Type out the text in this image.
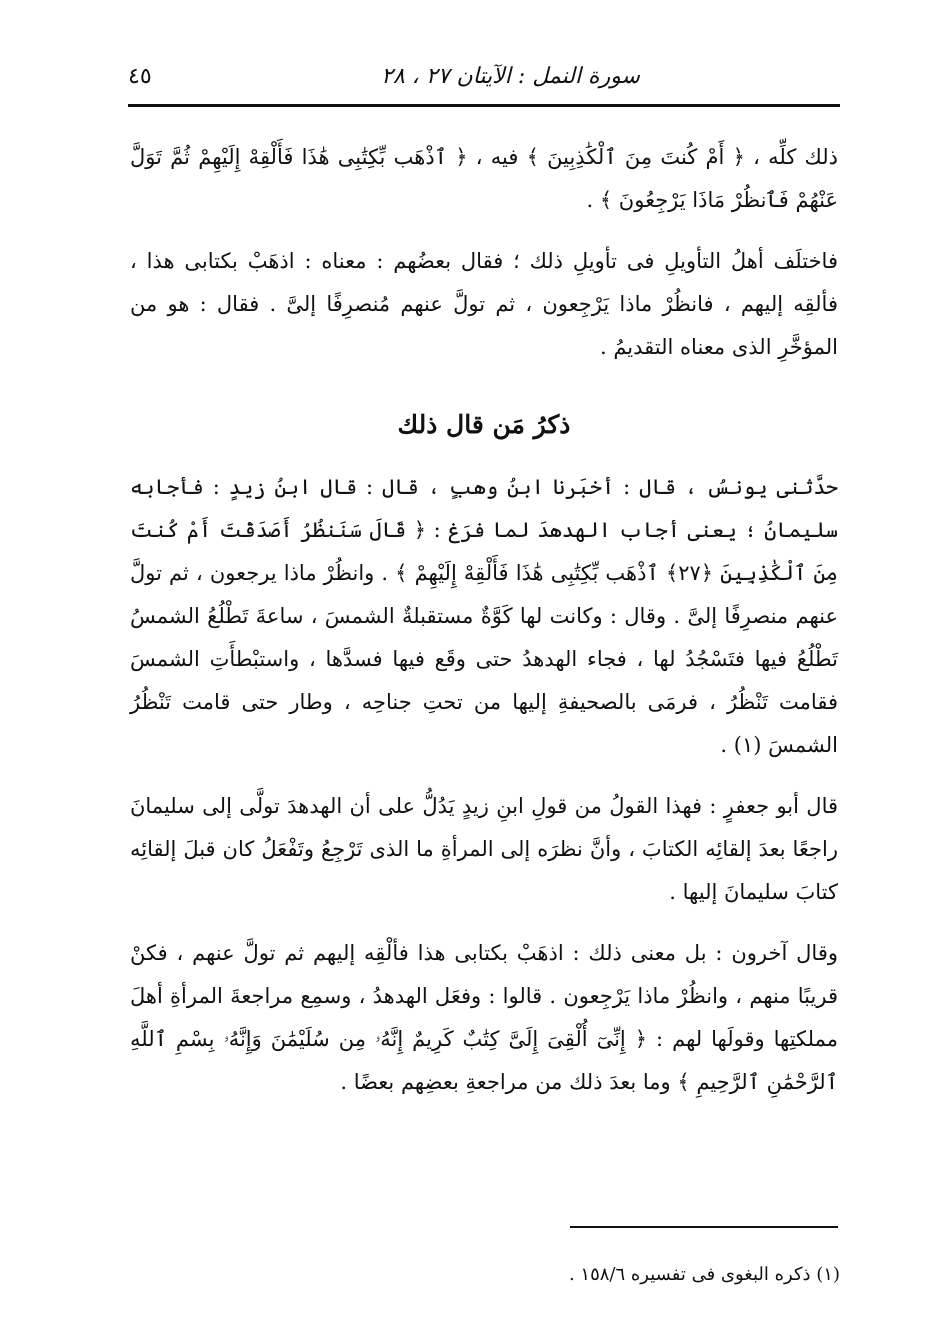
سورة النمل : الآيتان ٢٧ ، ٢٨
٤٥

ذلك كلِّه ، ﴿ أَمْ كُنتَ مِنَ ٱلْكَٰذِبِينَ ﴾ فيه ، ﴿ ٱذْهَب بِّكِتَٰبِى هَٰذَا فَأَلْقِهْ إِلَيْهِمْ ثُمَّ تَوَلَّ عَنْهُمْ فَٱنظُرْ مَاذَا يَرْجِعُونَ ﴾ .

فاختلَف أهلُ التأويلِ فى تأويلِ ذلك ؛ فقال بعضُهم : معناه : اذهَبْ بكتابى هذا ، فألقِه إليهم ، فانظُرْ ماذا يَرْجِعون ، ثم تولَّ عنهم مُنصرِفًا إلىَّ . فقال : هو من المؤخَّرِ الذى معناه التقديمُ .

ذكرُ مَن قال ذلك

حدَّثنى يونسُ ، قال : أخبَرنا ابنُ وهبٍ ، قال : قال ابنُ زيدٍ : فأجابه سليمانُ ؛ يعنى أجاب الهدهدَ لما فرَغ : ﴿ قَالَ سَنَنظُرُ أَصَدَقْتَ أَمْ كُنتَ مِنَ ٱلْكَٰذِبِينَ ﴿٢٧﴾ ٱذْهَب بِّكِتَٰبِى هَٰذَا فَأَلْقِهْ إِلَيْهِمْ ﴾ . وانظُرْ ماذا يرجعون ، ثم تولَّ عنهم منصرِفًا إلىَّ . وقال : وكانت لها كَوَّةٌ مستقبلةٌ الشمسَ ، ساعةَ تَطْلُعُ الشمسُ تَطْلُعُ فيها فتَسْجُدُ لها ، فجاء الهدهدُ حتى وقَع فيها فسدَّها ، واستبْطأَتِ الشمسَ فقامت تَنْظُرُ ، فرمَى بالصحيفةِ إليها من تحتِ جناحِه ، وطار حتى قامت تَنْظُرُ الشمسَ (١) .

قال أبو جعفرٍ : فهذا القولُ من قولِ ابنِ زيدٍ يَدُلُّ على أن الهدهدَ تولَّى إلى سليمانَ راجعًا بعدَ إلقائِه الكتابَ ، وأنَّ نظرَه إلى المرأةِ ما الذى تَرْجِعُ وتَفْعَلُ كان قبلَ إلقائِه كتابَ سليمانَ إليها .

وقال آخرون : بل معنى ذلك : اذهَبْ بكتابى هذا فألْقِه إليهم ثم تولَّ عنهم ، فكنْ قريبًا منهم ، وانظُرْ ماذا يَرْجِعون . قالوا : وفعَل الهدهدُ ، وسمِع مراجعةَ المرأةِ أهلَ مملكتِها وقولَها لهم : ﴿ إِنِّىٓ أُلْقِىَ إِلَىَّ كِتَٰبٌ كَرِيمٌ إِنَّهُۥ مِن سُلَيْمَٰنَ وَإِنَّهُۥ بِسْمِ ٱللَّهِ ٱلرَّحْمَٰنِ ٱلرَّحِيمِ ﴾ وما بعدَ ذلك من مراجعةِ بعضِهم بعضًا .

(١) ذكره البغوى فى تفسيره ١٥٨/٦ .
